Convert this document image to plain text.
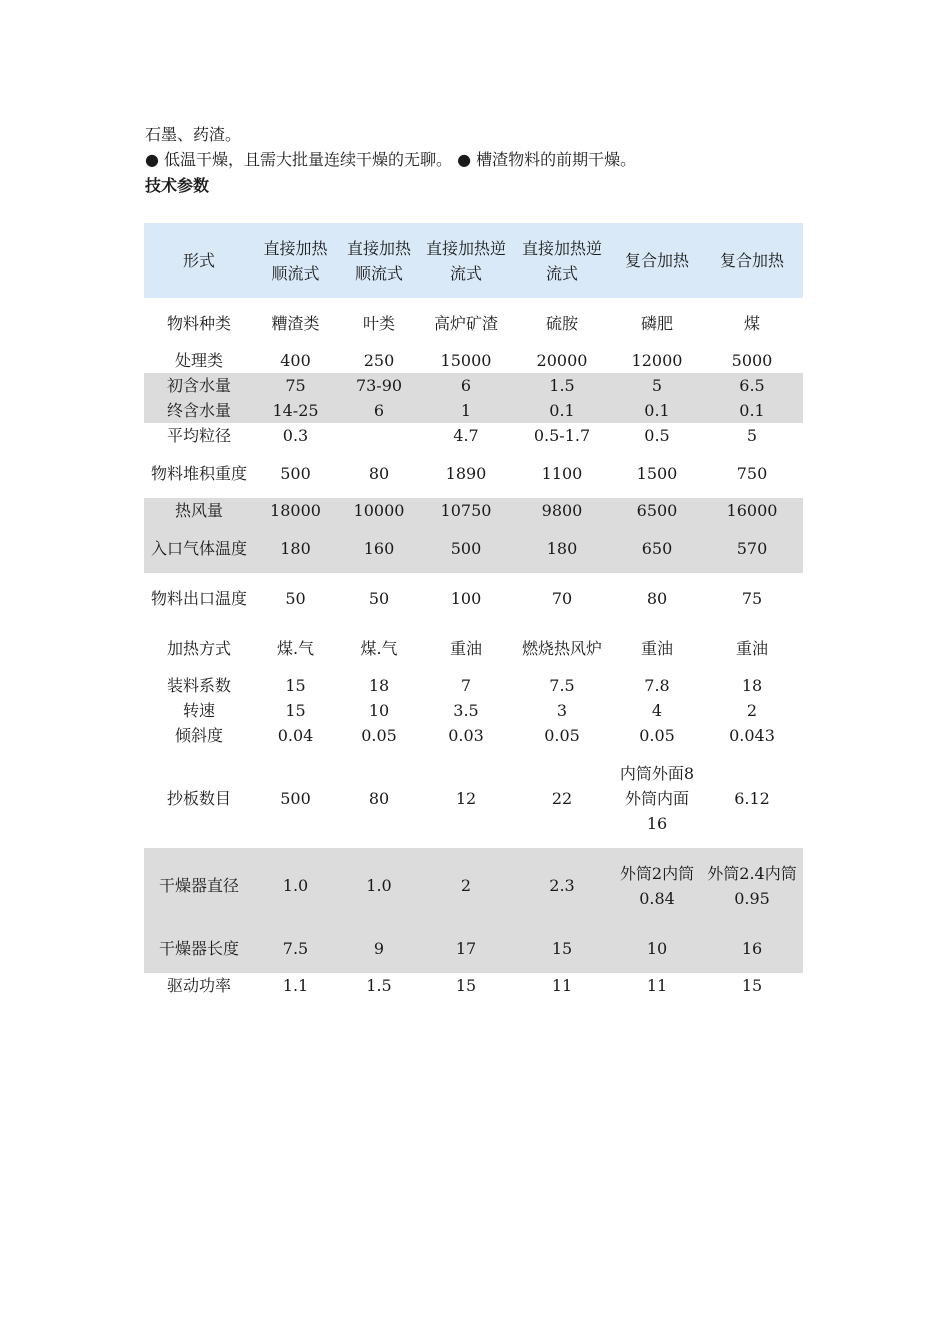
石墨、药渣。
● 低温干燥，且需大批量连续干燥的无聊。 ● 槽渣物料的前期干燥。
技术参数
形式	直接加热顺流式	直接加热顺流式	直接加热逆流式	直接加热逆流式	复合加热	复合加热
物料种类	糟渣类	叶类	高炉矿渣	硫胺	磷肥	煤
处理类	400	250	15000	20000	12000	5000
初含水量	75	73-90	6	1.5	5	6.5
终含水量	14-25	6	1	0.1	0.1	0.1
平均粒径	0.3		4.7	0.5-1.7	0.5	5
物料堆积重度	500	80	1890	1100	1500	750
热风量	18000	10000	10750	9800	6500	16000
入口气体温度	180	160	500	180	650	570
物料出口温度	50	50	100	70	80	75
加热方式	煤.气	煤.气	重油	燃烧热风炉	重油	重油
装料系数	15	18	7	7.5	7.8	18
转速	15	10	3.5	3	4	2
倾斜度	0.04	0.05	0.03	0.05	0.05	0.043
抄板数目	500	80	12	22	内筒外面8外筒内面16	6.12
干燥器直径	1.0	1.0	2	2.3	外筒2内筒0.84	外筒2.4内筒0.95
干燥器长度	7.5	9	17	15	10	16
驱动功率	1.1	1.5	15	11	11	15
